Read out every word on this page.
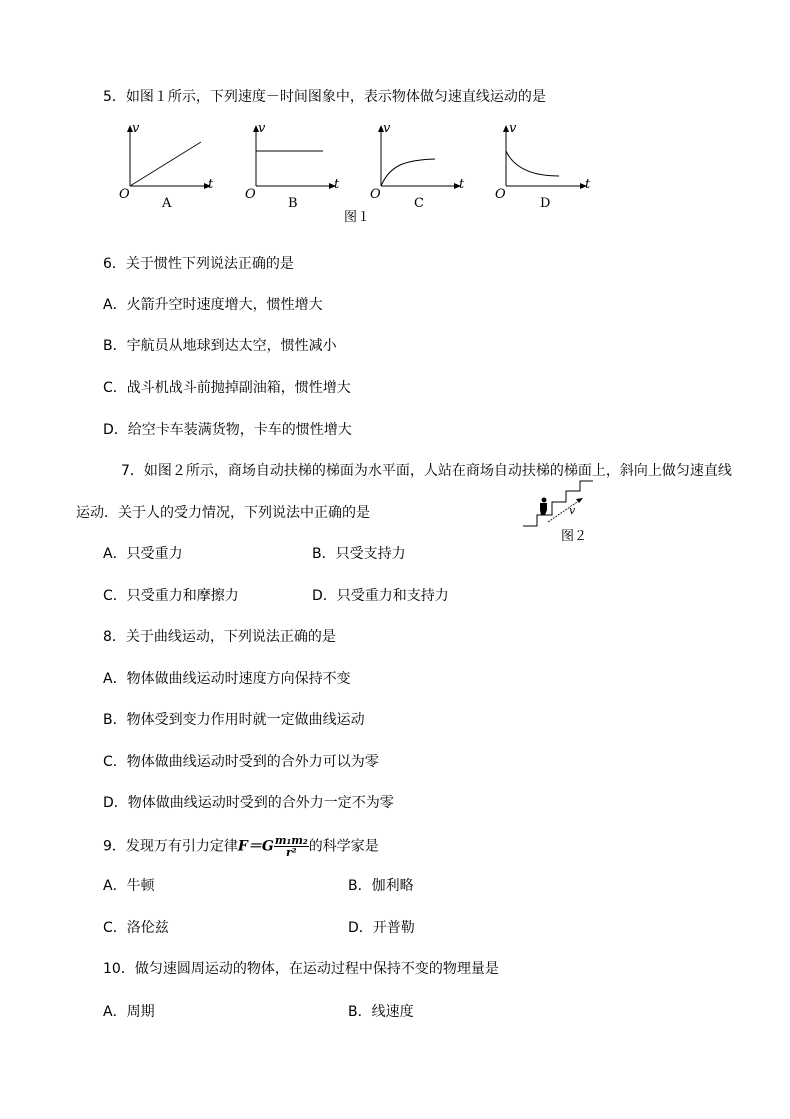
5．如图１所示，下列速度－时间图象中，表示物体做匀速直线运动的是
v
t
O
A
v
t
O
B
v
t
O
C
v
t
O
D
图１
6．关于惯性下列说法正确的是
A．火箭升空时速度增大，惯性增大
B．宇航员从地球到达太空，惯性减小
C．战斗机战斗前抛掉副油箱，惯性增大
D．给空卡车装满货物，卡车的惯性增大
7．如图２所示，商场自动扶梯的梯面为水平面，人站在商场自动扶梯的梯面上，斜向上做匀速直线
运动．关于人的受力情况，下列说法中正确的是	v
图２
A．只受重力	B．只受支持力
C．只受重力和摩擦力	D．只受重力和支持力
8．关于曲线运动，下列说法正确的是
A．物体做曲线运动时速度方向保持不变
B．物体受到变力作用时就一定做曲线运动
C．物体做曲线运动时受到的合外力可以为零
D．物体做曲线运动时受到的合外力一定不为零
9．发现万有引力定律$F=G \frac{\text{m₁m₂}}{\text{r²}}$ 的科学家是
A．牛顿	B．伽利略
C．洛伦兹	D．开普勒
10．做匀速圆周运动的物体，在运动过程中保持不变的物理量是
A．周期	B．线速度
